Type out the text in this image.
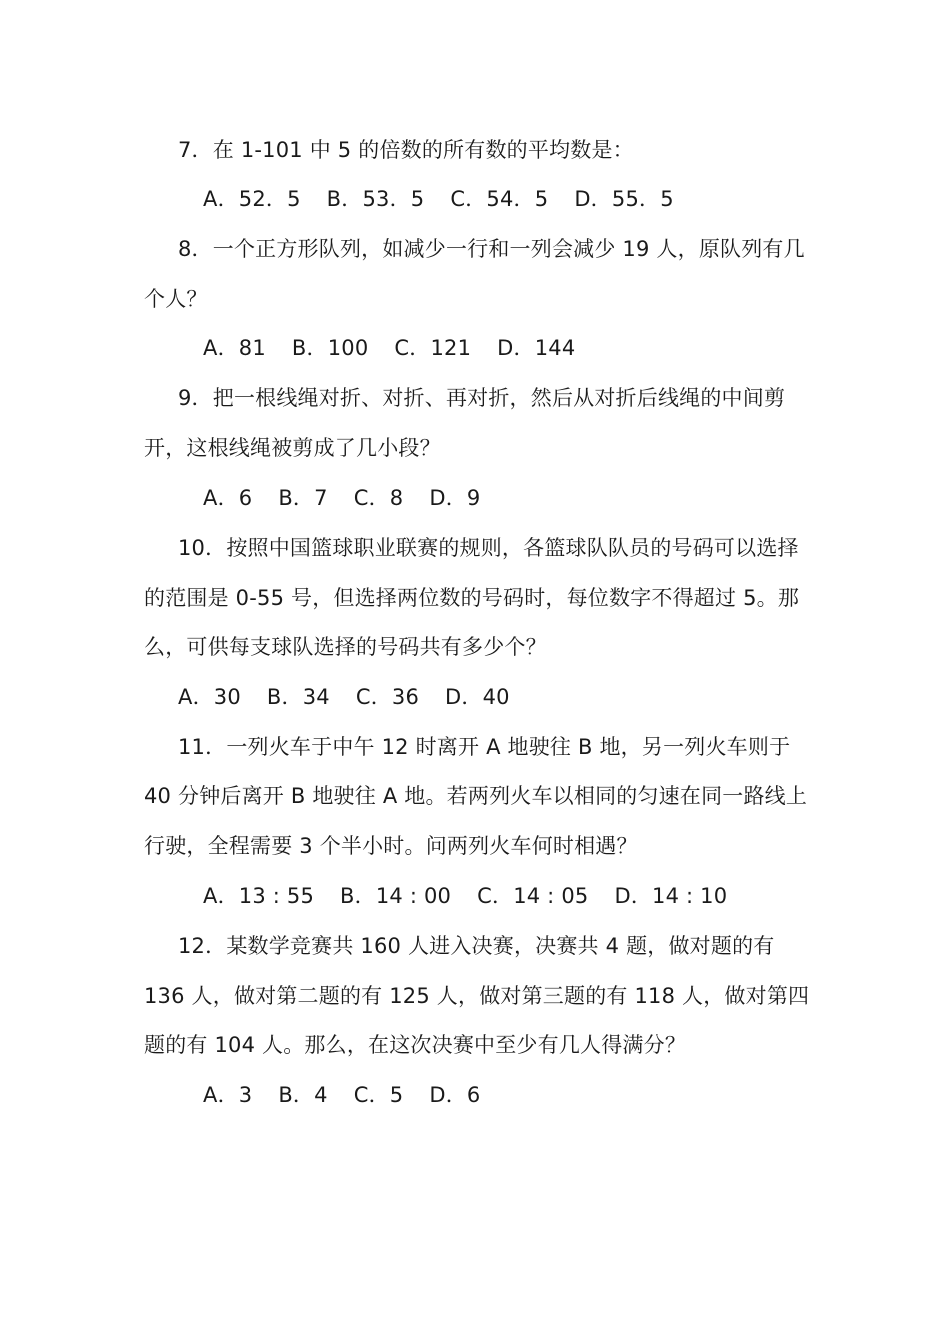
7．在 1-101 中 5 的倍数的所有数的平均数是：
A．52．5 B．53．5 C．54．5 D．55．5
8．一个正方形队列，如减少一行和一列会减少 19 人，原队列有几
个人？
A．81 B．100 C．121 D．144
9．把一根线绳对折、对折、再对折，然后从对折后线绳的中间剪
开，这根线绳被剪成了几小段？
A．6 B．7 C．8 D．9
10．按照中国篮球职业联赛的规则，各篮球队队员的号码可以选择
的范围是 0-55 号，但选择两位数的号码时，每位数字不得超过 5。那
么，可供每支球队选择的号码共有多少个？
A．30 B．34 C．36 D．40
11．一列火车于中午 12 时离开 A 地驶往 B 地，另一列火车则于
40 分钟后离开 B 地驶往 A 地。若两列火车以相同的匀速在同一路线上
行驶，全程需要 3 个半小时。问两列火车何时相遇？
A．13 : 55 B．14 : 00 C．14 : 05 D．14 : 10
12．某数学竞赛共 160 人进入决赛，决赛共 4 题，做对题的有
136 人，做对第二题的有 125 人，做对第三题的有 118 人，做对第四
题的有 104 人。那么，在这次决赛中至少有几人得满分？
A．3 B．4 C．5 D．6
